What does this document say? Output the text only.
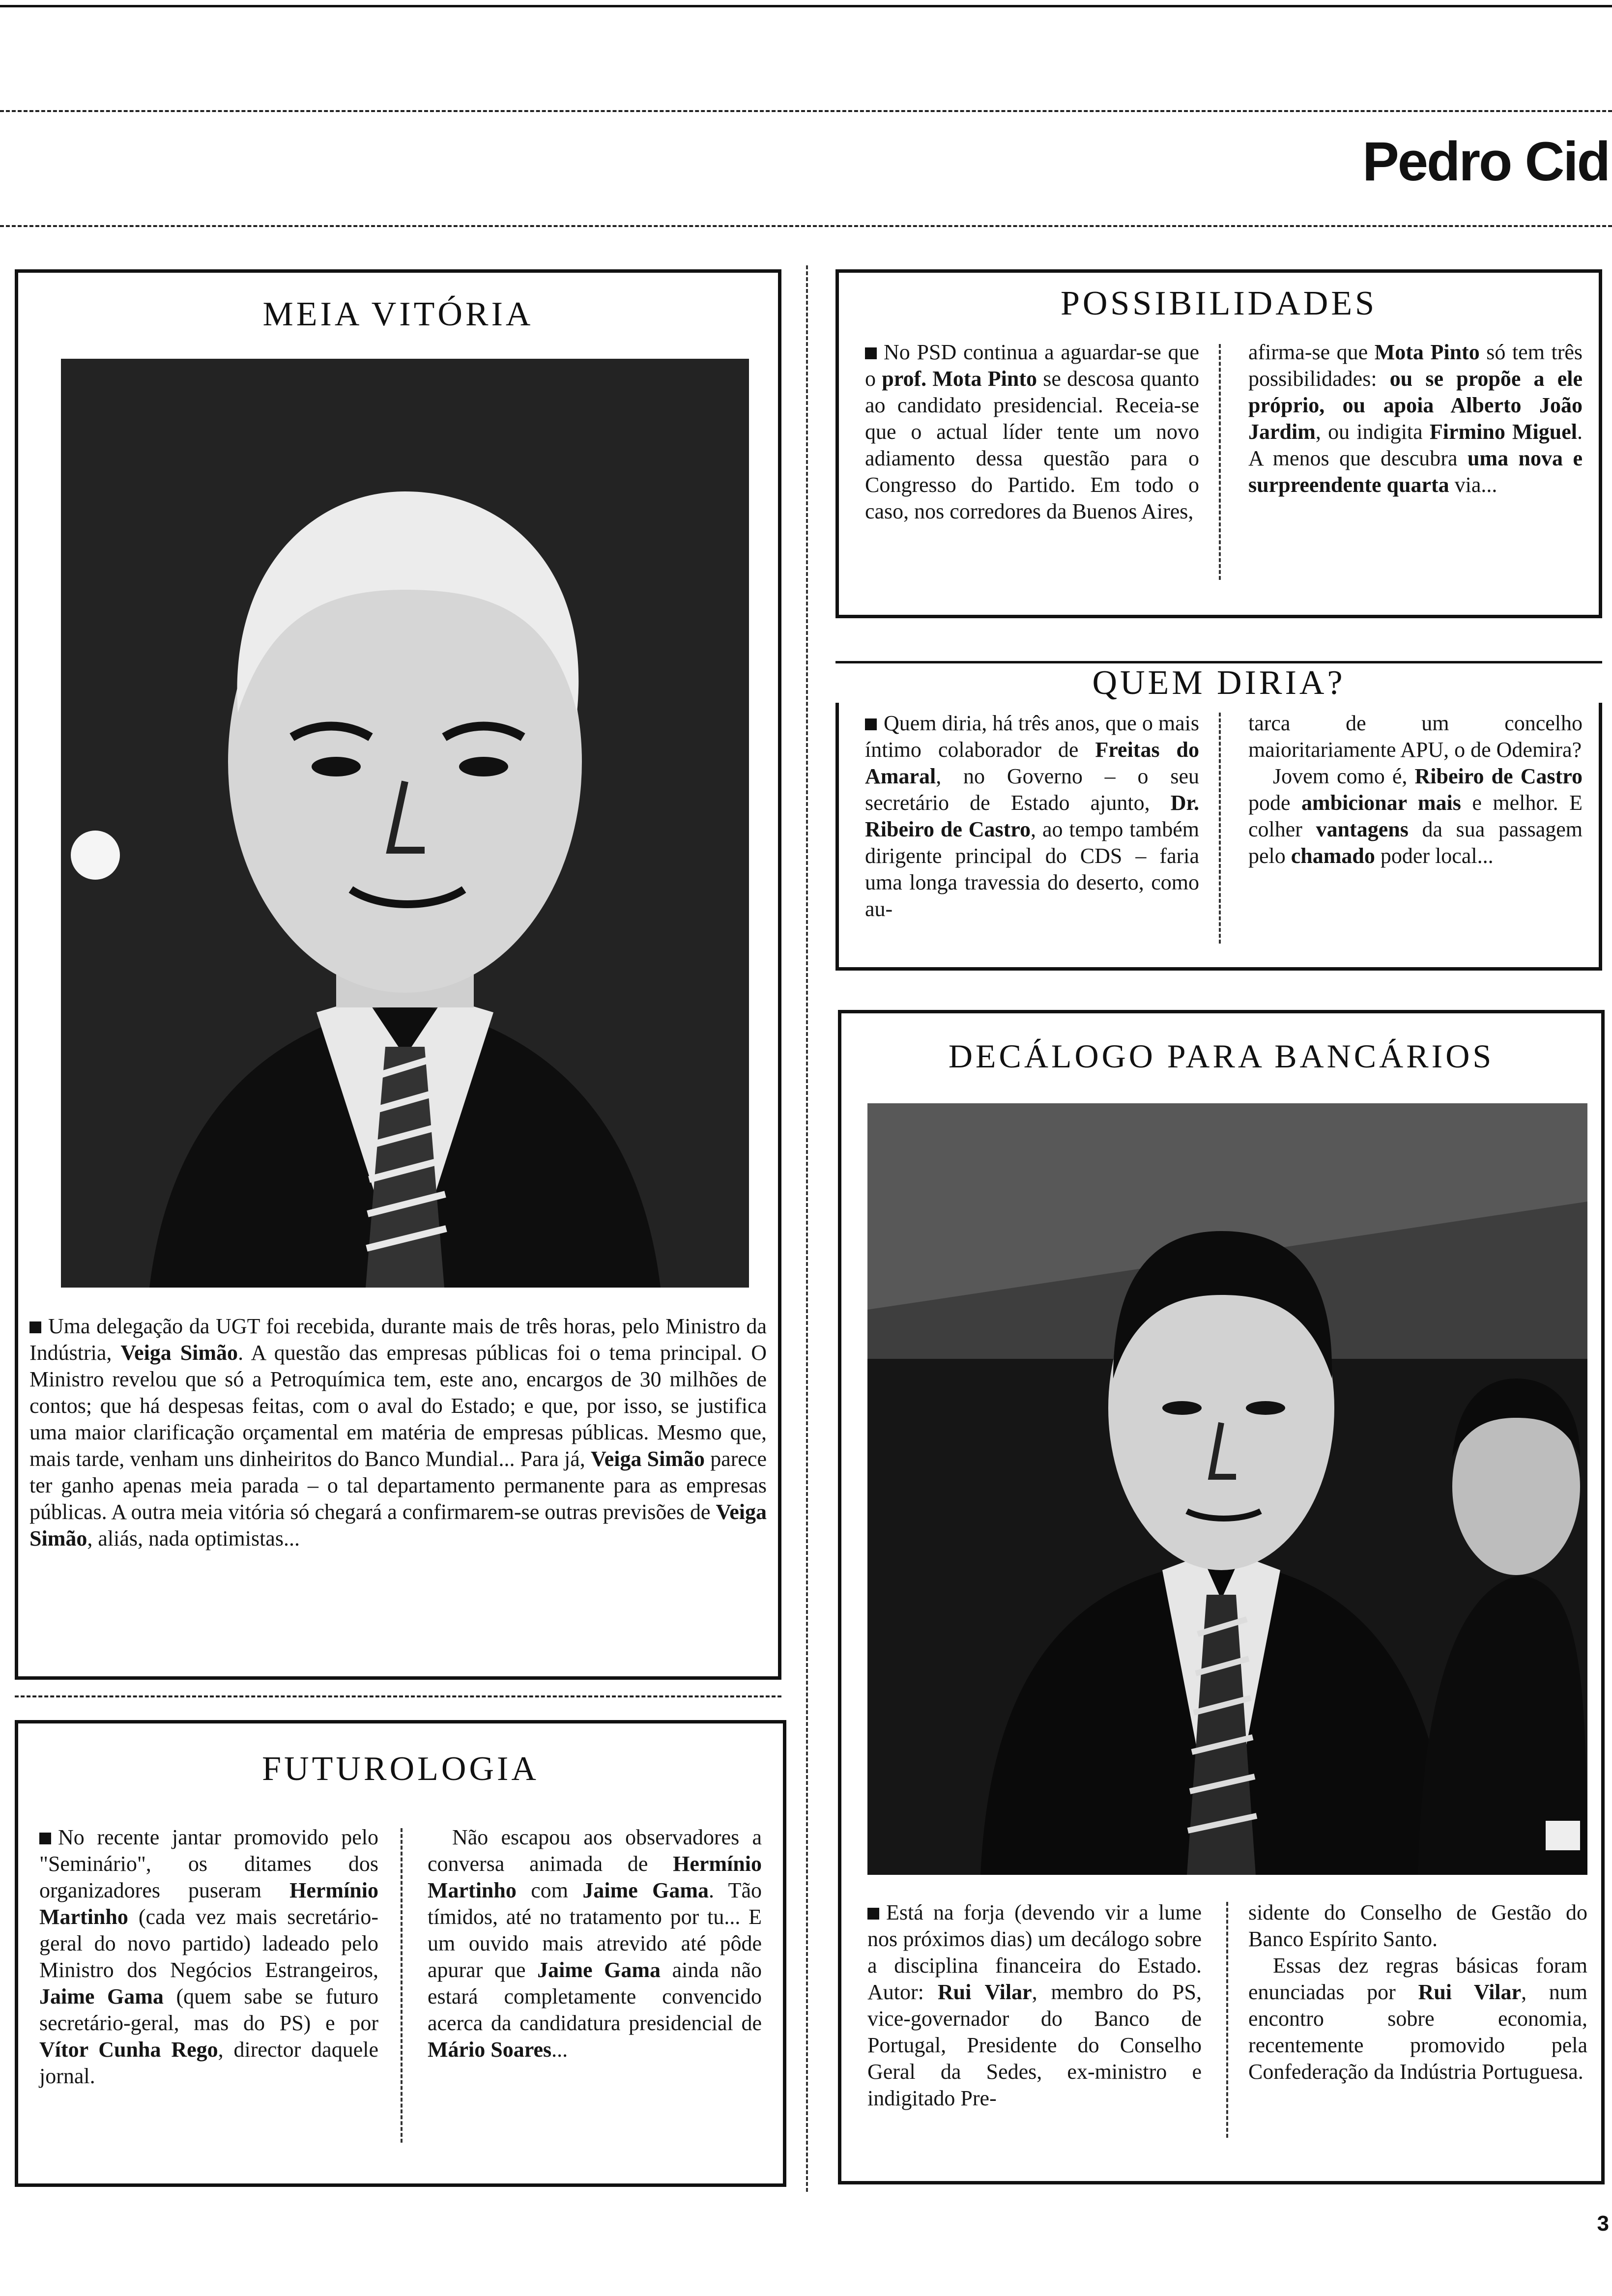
Pedro Cid
MEIA VITÓRIA
Uma delegação da UGT foi recebida, durante mais de três horas, pelo Ministro da Indústria, Veiga Simão. A questão das empresas públicas foi o tema principal. O Ministro revelou que só a Petroquímica tem, este ano, encargos de 30 milhões de contos; que há despesas feitas, com o aval do Estado; e que, por isso, se justifica uma maior clarificação orçamental em matéria de empresas públicas. Mesmo que, mais tarde, venham uns dinheiritos do Banco Mundial... Para já, Veiga Simão parece ter ganho apenas meia parada – o tal departamento permanente para as empresas públicas. A outra meia vitória só chegará a confirmarem-se outras previsões de Veiga Simão, aliás, nada optimistas...
FUTUROLOGIA
No recente jantar promovido pelo "Seminário", os ditames dos organizadores puseram Hermínio Martinho (cada vez mais secretário-geral do novo partido) ladeado pelo Ministro dos Negócios Estrangeiros, Jaime Gama (quem sabe se futuro secretário-geral, mas do PS) e por Vítor Cunha Rego, director daquele jornal.
Não escapou aos observadores a conversa animada de Hermínio Martinho com Jaime Gama. Tão tímidos, até no tratamento por tu... E um ouvido mais atrevido até pôde apurar que Jaime Gama ainda não estará completamente convencido acerca da candidatura presidencial de Mário Soares...
POSSIBILIDADES
No PSD continua a aguardar-se que o prof. Mota Pinto se descosa quanto ao candidato presidencial. Receia-se que o actual líder tente um novo adiamento dessa questão para o Congresso do Partido. Em todo o caso, nos corredores da Buenos Aires,
afirma-se que Mota Pinto só tem três possibilidades: ou se propõe a ele próprio, ou apoia Alberto João Jardim, ou indigita Firmino Miguel. A menos que descubra uma nova e surpreendente quarta via...
QUEM DIRIA?
Quem diria, há três anos, que o mais íntimo colaborador de Freitas do Amaral, no Governo – o seu secretário de Estado ajunto, Dr. Ribeiro de Castro, ao tempo também dirigente principal do CDS – faria uma longa travessia do deserto, como au-
tarca de um concelho maioritariamente APU, o de Odemira?
Jovem como é, Ribeiro de Castro pode ambicionar mais e melhor. E colher vantagens da sua passagem pelo chamado poder local...
DECÁLOGO PARA BANCÁRIOS
Está na forja (devendo vir a lume nos próximos dias) um decálogo sobre a disciplina financeira do Estado. Autor: Rui Vilar, membro do PS, vice-governador do Banco de Portugal, Presidente do Conselho Geral da Sedes, ex-ministro e indigitado Pre-
sidente do Conselho de Gestão do Banco Espírito Santo.
Essas dez regras básicas foram enunciadas por Rui Vilar, num encontro sobre economia, recentemente promovido pela Confederação da Indústria Portuguesa.
3
